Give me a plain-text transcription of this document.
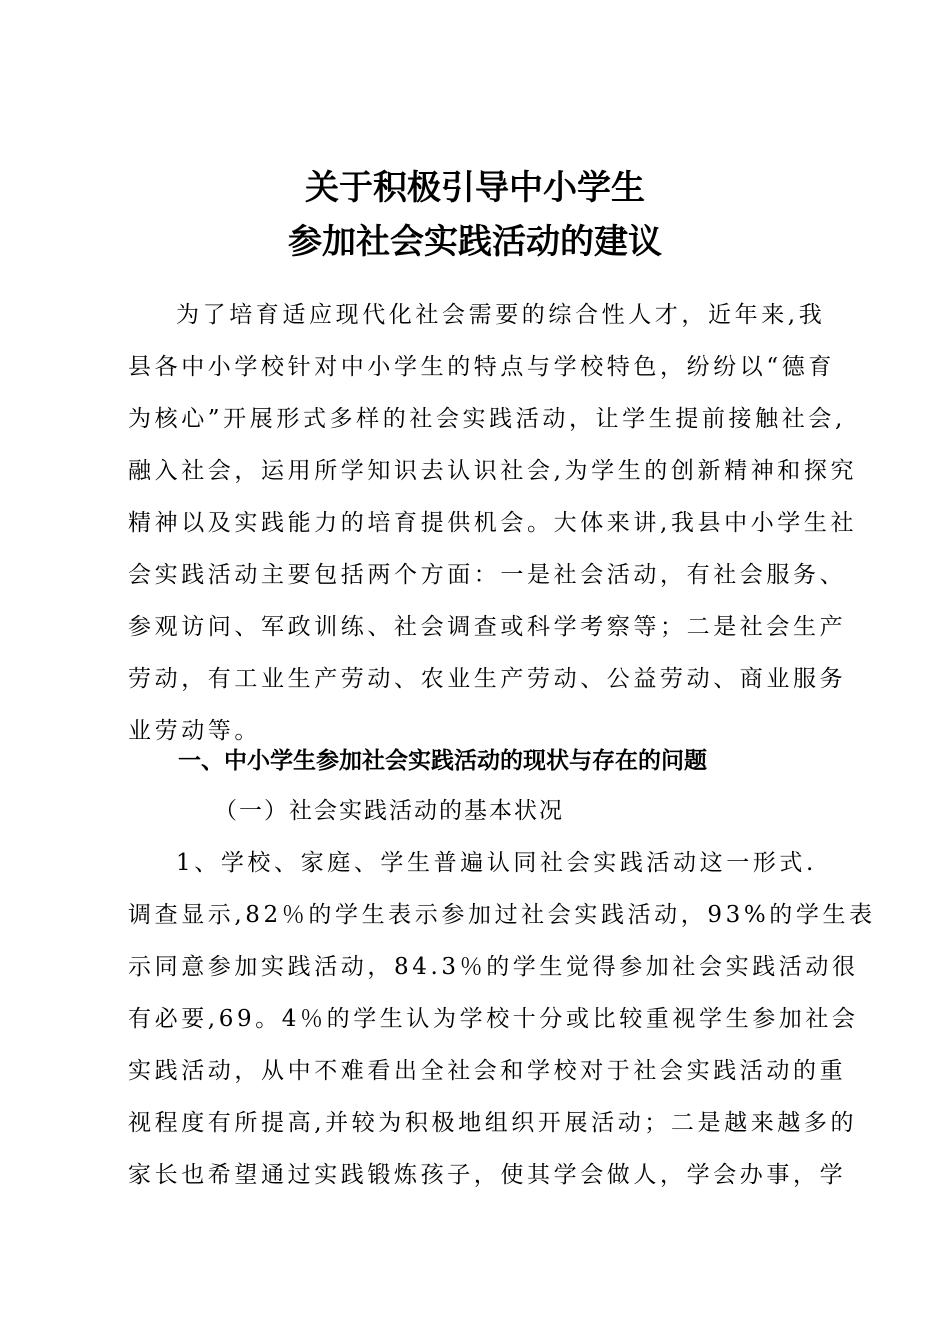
关于积极引导中小学生
参加社会实践活动的建议
为了培育适应现代化社会需要的综合性人才，近年来,我
县各中小学校针对中小学生的特点与学校特色，纷纷以“德育
为核心”开展形式多样的社会实践活动，让学生提前接触社会,
融入社会，运用所学知识去认识社会,为学生的创新精神和探究
精神以及实践能力的培育提供机会。大体来讲,我县中小学生社
会实践活动主要包括两个方面：一是社会活动，有社会服务、
参观访问、军政训练、社会调查或科学考察等；二是社会生产
劳动，有工业生产劳动、农业生产劳动、公益劳动、商业服务
业劳动等。
一、中小学生参加社会实践活动的现状与存在的问题
（一）社会实践活动的基本状况
1、学校、家庭、学生普遍认同社会实践活动这一形式.
调查显示,82％的学生表示参加过社会实践活动，93%的学生表
示同意参加实践活动，84.3％的学生觉得参加社会实践活动很
有必要,69。4％的学生认为学校十分或比较重视学生参加社会
实践活动，从中不难看出全社会和学校对于社会实践活动的重
视程度有所提高,并较为积极地组织开展活动；二是越来越多的
家长也希望通过实践锻炼孩子，使其学会做人，学会办事，学
